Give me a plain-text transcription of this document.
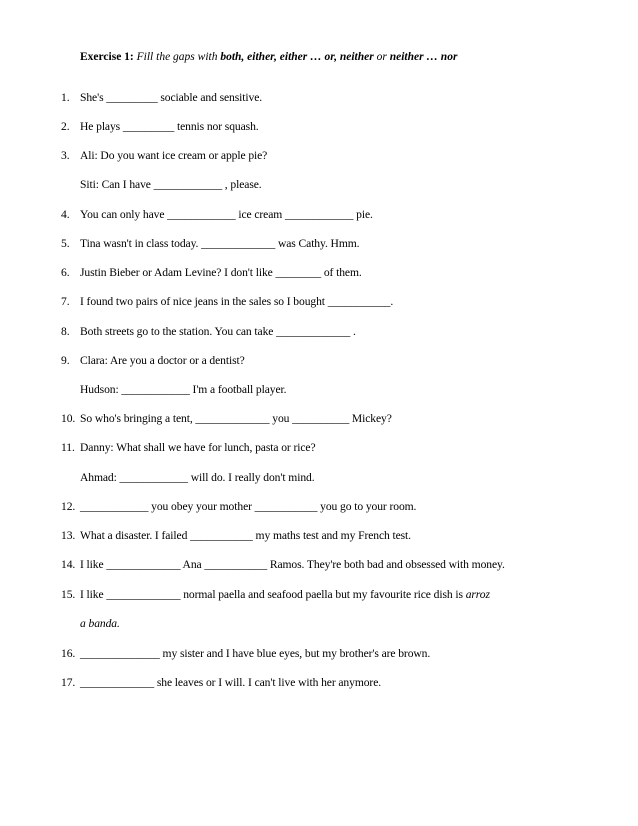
Exercise 1: Fill the gaps with both, either, either … or, neither or neither … nor
1. She's _________ sociable and sensitive.
2. He plays _________ tennis nor squash.
3. Ali: Do you want ice cream or apple pie?
Siti: Can I have ____________ , please.
4. You can only have ____________ ice cream ____________ pie.
5. Tina wasn't in class today. _____________ was Cathy. Hmm.
6. Justin Bieber or Adam Levine? I don't like ________ of them.
7. I found two pairs of nice jeans in the sales so I bought ___________.
8. Both streets go to the station. You can take _____________ .
9. Clara: Are you a doctor or a dentist?
Hudson: ____________ I'm a football player.
10. So who's bringing a tent, _____________ you __________ Mickey?
11. Danny: What shall we have for lunch, pasta or rice?
Ahmad: ____________ will do. I really don't mind.
12. ____________ you obey your mother ___________ you go to your room.
13. What a disaster. I failed ___________ my maths test and my French test.
14. I like _____________ Ana ___________ Ramos. They're both bad and obsessed with money.
15. I like _____________ normal paella and seafood paella but my favourite rice dish is arroz
a banda.
16. ______________ my sister and I have blue eyes, but my brother's are brown.
17. _____________ she leaves or I will. I can't live with her anymore.
